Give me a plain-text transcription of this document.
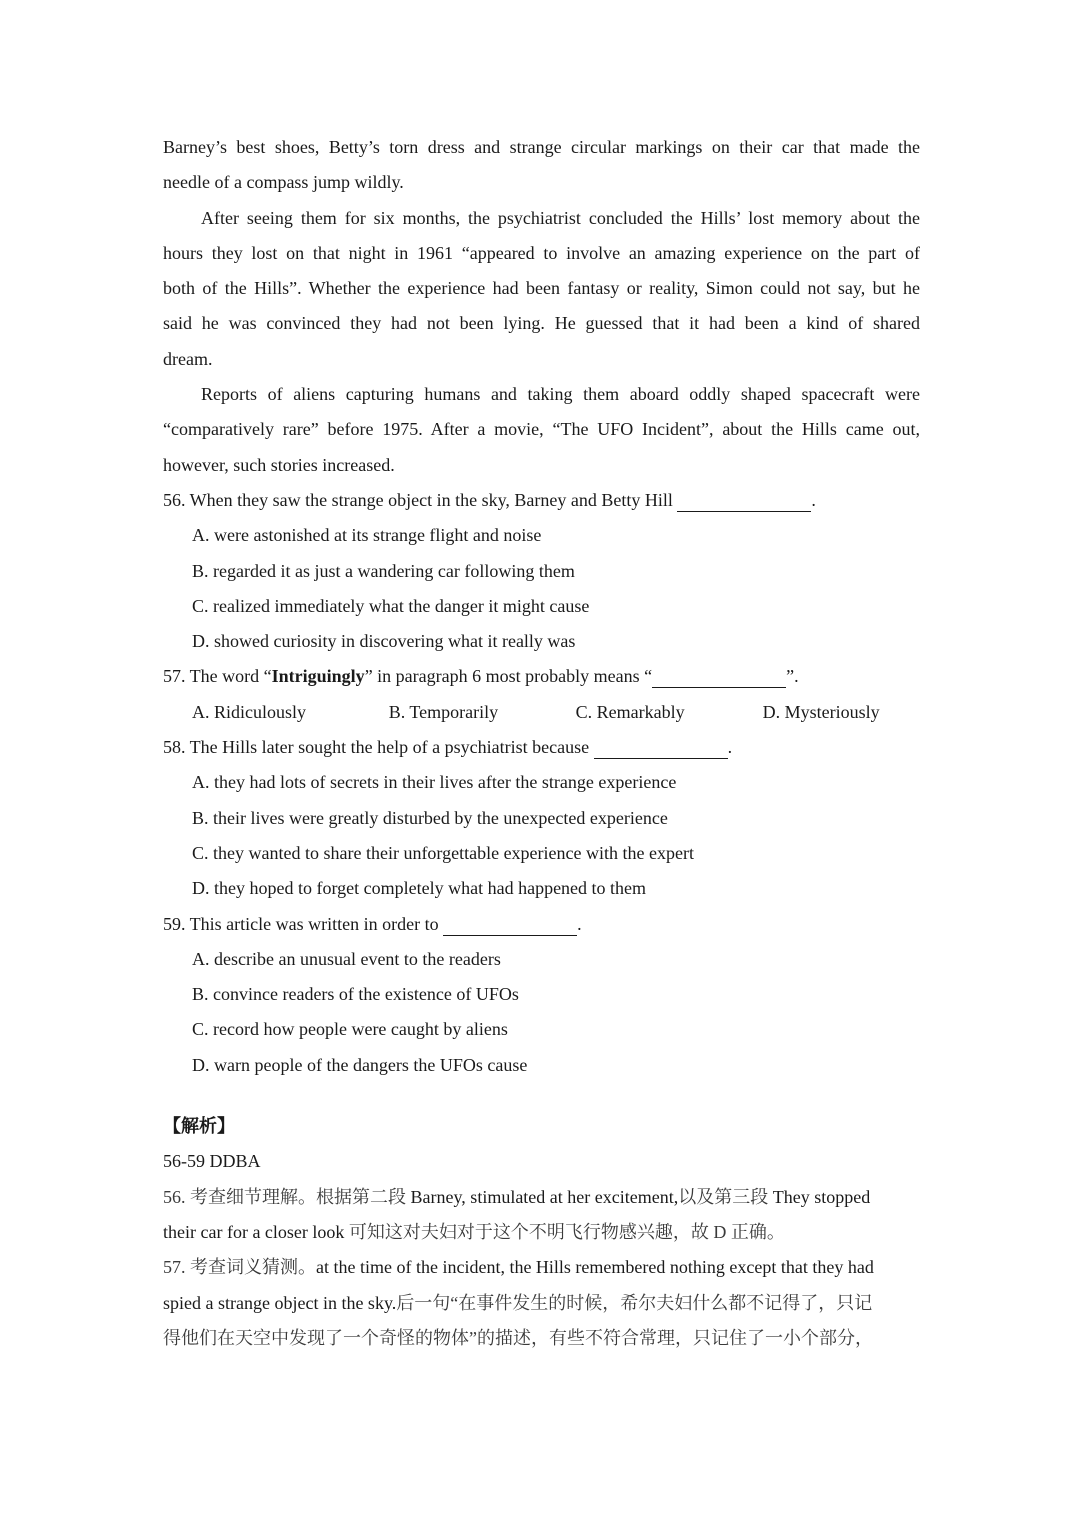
Barney’s best shoes, Betty’s torn dress and strange circular markings on their car that made the
needle of a compass jump wildly.
After seeing them for six months, the psychiatrist concluded the Hills’ lost memory about the
hours they lost on that night in 1961 “appeared to involve an amazing experience on the part of
both of the Hills”. Whether the experience had been fantasy or reality, Simon could not say, but he
said he was convinced they had not been lying. He guessed that it had been a kind of shared
dream.
Reports of aliens capturing humans and taking them aboard oddly shaped spacecraft were
“comparatively rare” before 1975. After a movie, “The UFO Incident”, about the Hills came out,
however, such stories increased.
56. When they saw the strange object in the sky, Barney and Betty Hill	.
A. were astonished at its strange flight and noise
B. regarded it as just a wandering car following them
C. realized immediately what the danger it might cause
D. showed curiosity in discovering what it really was
57. The word “Intriguingly” in paragraph 6 most probably means “	”.
A. Ridiculously	B. Temporarily	C. Remarkably	D. Mysteriously
58. The Hills later sought the help of a psychiatrist because	.
A. they had lots of secrets in their lives after the strange experience
B. their lives were greatly disturbed by the unexpected experience
C. they wanted to share their unforgettable experience with the expert
D. they hoped to forget completely what had happened to them
59. This article was written in order to	.
A. describe an unusual event to the readers
B. convince readers of the existence of UFOs
C. record how people were caught by aliens
D. warn people of the dangers the UFOs cause
【解析】
56-59 DDBA
56. 考查细节理解。根据第二段 Barney, stimulated at her excitement,以及第三段 They stopped
their car for a closer look 可知这对夫妇对于这个不明飞行物感兴趣，故 D 正确。
57. 考查词义猜测。at the time of the incident, the Hills remembered nothing except that they had
spied a strange object in the sky.后一句“在事件发生的时候，希尔夫妇什么都不记得了，只记
得他们在天空中发现了一个奇怪的物体”的描述，有些不符合常理，只记住了一小个部分，
